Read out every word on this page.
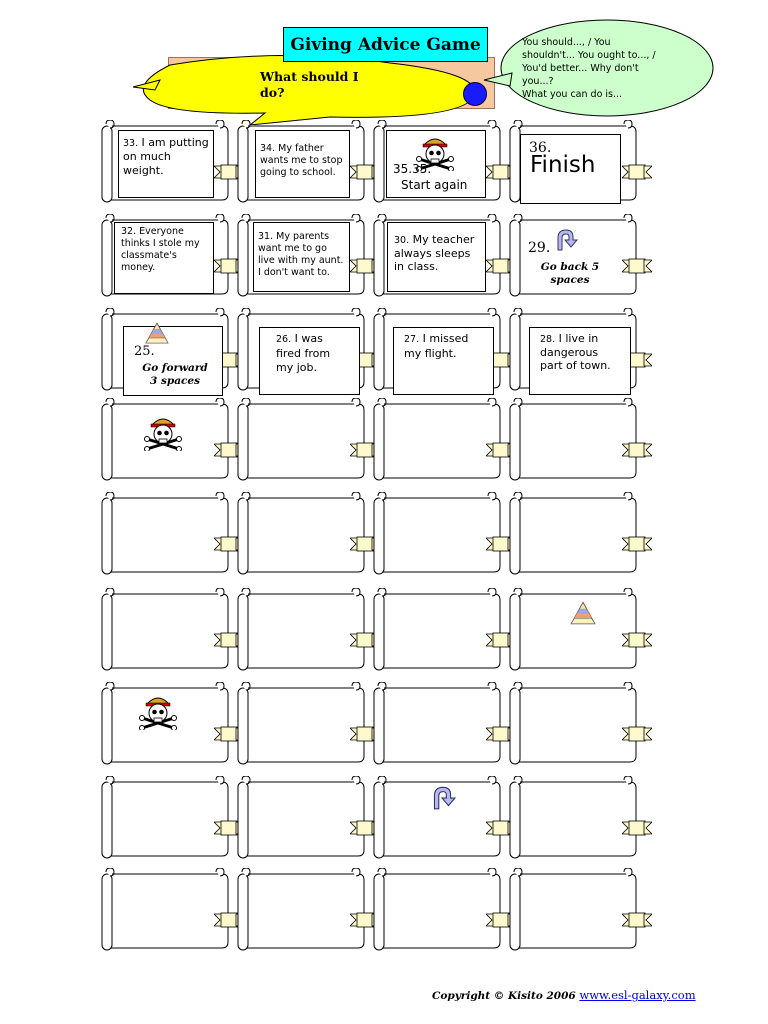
What should I do?
Giving Advice Game	You should..., / You
shouldn't... You ought to..., /
You'd better... Why don't
you...?
What you can do is...
33. I am putting on much weight.
34. My father wants me to stop going to school.	35.35.
Start again
36.
Finish
32. Everyone thinks I stole my classmate's money.
31. My parents want me to go live with my aunt. I don't want to.
30. My teacher always sleeps in class.
29.
Go back 5 spaces
25.
Go forward 3 spaces
26. I was fired from my job.
27. I missed my flight.
28. I live in dangerous part of town.
Copyright © Kisito 2006 www.esl-galaxy.com
